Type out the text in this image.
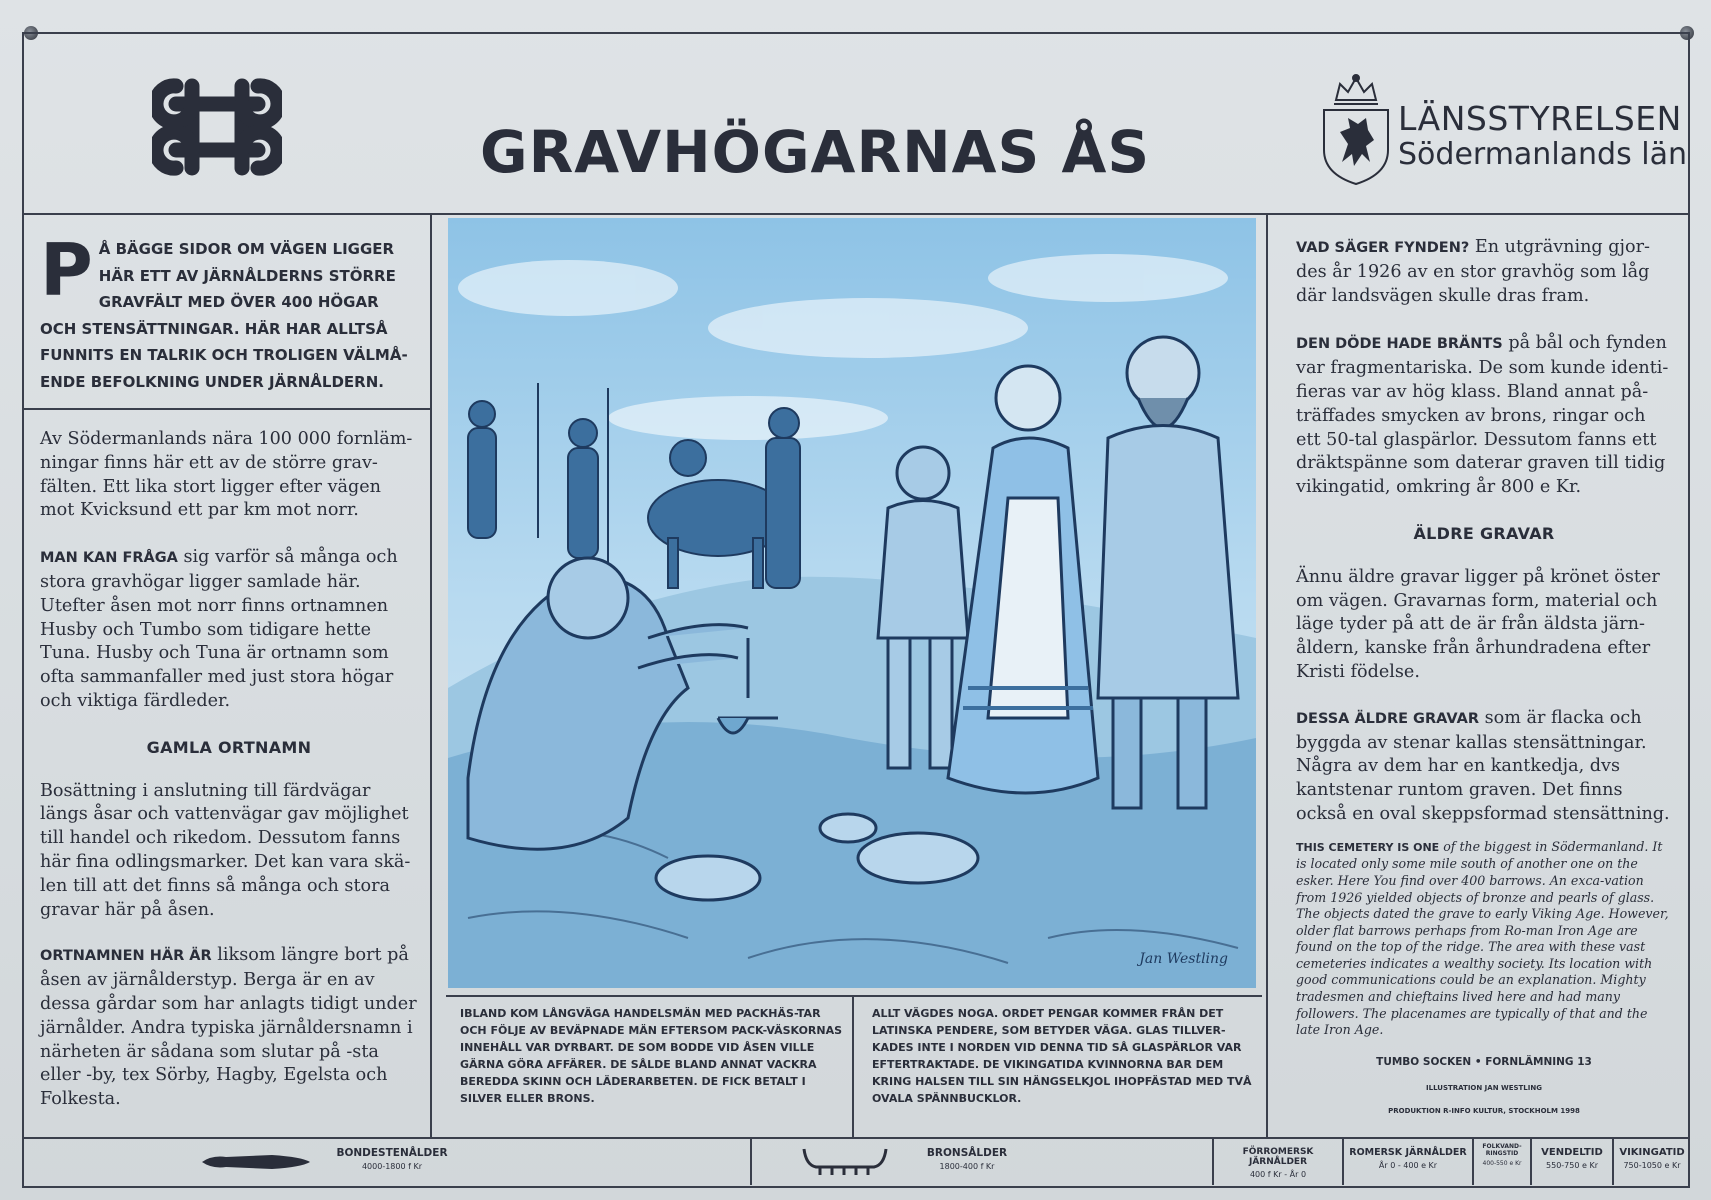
GRAVHÖGARNAS ÅS	LÄNSSTYRELSEN
Södermanlands län

PÅ BÄGGE SIDOR OM VÄGEN LIGGER HÄR ETT AV JÄRNÅLDERNS STÖRRE GRAVFÄLT MED ÖVER 400 HÖGAR OCH STENSÄTTNINGAR. HÄR HAR ALLTSÅ FUNNITS EN TALRIK OCH TROLIGEN VÄLMÅ-ENDE BEFOLKNING UNDER JÄRNÅLDERN.

Av Södermanlands nära 100 000 fornläm-ningar finns här ett av de större grav-fälten. Ett lika stort ligger efter vägen mot Kvicksund ett par km mot norr.

MAN KAN FRÅGA sig varför så många och stora gravhögar ligger samlade här. Utefter åsen mot norr finns ortnamnen Husby och Tumbo som tidigare hette Tuna. Husby och Tuna är ortnamn som ofta sammanfaller med just stora högar och viktiga färdleder.

GAMLA ORTNAMN

Bosättning i anslutning till färdvägar längs åsar och vattenvägar gav möjlighet till handel och rikedom. Dessutom fanns här fina odlingsmarker. Det kan vara skä-len till att det finns så många och stora gravar här på åsen.

ORTNAMNEN HÄR ÄR liksom längre bort på åsen av järnålderstyp. Berga är en av dessa gårdar som har anlagts tidigt under järnålder. Andra typiska järnåldersnamn i närheten är sådana som slutar på -sta eller -by, tex Sörby, Hagby, Egelsta och Folkesta.

Jan Westling
IBLAND KOM LÅNGVÄGA HANDELSMÄN MED PACKHÄS-TAR OCH FÖLJE AV BEVÄPNADE MÄN EFTERSOM PACK-VÄSKORNAS INNEHÅLL VAR DYRBART. DE SOM BODDE VID ÅSEN VILLE GÄRNA GÖRA AFFÄRER. DE SÅLDE BLAND ANNAT VACKRA BEREDDA SKINN OCH LÄDERARBETEN. DE FICK BETALT I SILVER ELLER BRONS.
ALLT VÄGDES NOGA. ORDET PENGAR KOMMER FRÅN DET LATINSKA PENDERE, SOM BETYDER VÄGA. GLAS TILLVER-KADES INTE I NORDEN VID DENNA TID SÅ GLASPÄRLOR VAR EFTERTRAKTADE. DE VIKINGATIDA KVINNORNA BAR DEM KRING HALSEN TILL SIN HÄNGSELKJOL IHOPFÄSTAD MED TVÅ OVALA SPÄNNBUCKLOR.

VAD SÄGER FYNDEN? En utgrävning gjor-des år 1926 av en stor gravhög som låg där landsvägen skulle dras fram.

DEN DÖDE HADE BRÄNTS på bål och fynden var fragmentariska. De som kunde identi-fieras var av hög klass. Bland annat på-träffades smycken av brons, ringar och ett 50-tal glaspärlor. Dessutom fanns ett dräktspänne som daterar graven till tidig vikingatid, omkring år 800 e Kr.

ÄLDRE GRAVAR

Ännu äldre gravar ligger på krönet öster om vägen. Gravarnas form, material och läge tyder på att de är från äldsta järn-åldern, kanske från århundradena efter Kristi födelse.

DESSA ÄLDRE GRAVAR som är flacka och byggda av stenar kallas stensättningar. Några av dem har en kantkedja, dvs kantstenar runtom graven. Det finns också en oval skeppsformad stensättning.

THIS CEMETERY IS ONE of the biggest in Södermanland. It is located only some mile south of another one on the esker. Here You find over 400 barrows. An exca-vation from 1926 yielded objects of bronze and pearls of glass. The objects dated the grave to early Viking Age. However, older flat barrows perhaps from Ro-man Iron Age are found on the top of the ridge. The area with these vast cemeteries indicates a wealthy society. Its location with good communications could be an explanation. Mighty tradesmen and chieftains lived here and had many followers. The placenames are typically of that and the late Iron Age.

TUMBO SOCKEN • FORNLÄMNING 13
ILLUSTRATION JAN WESTLING
PRODUKTION R-INFO KULTUR, STOCKHOLM 1998
BONDESTENÅLDER
4000-1800 f Kr
BRONSÅLDER
1800-400 f Kr
FÖRROMERSK JÄRNÅLDER
400 f Kr - År 0
ROMERSK JÄRNÅLDER
År 0 - 400 e Kr
FOLKVAND-RINGSTID
400-550 e Kr
VENDELTID
550-750 e Kr
VIKINGATID
750-1050 e Kr
